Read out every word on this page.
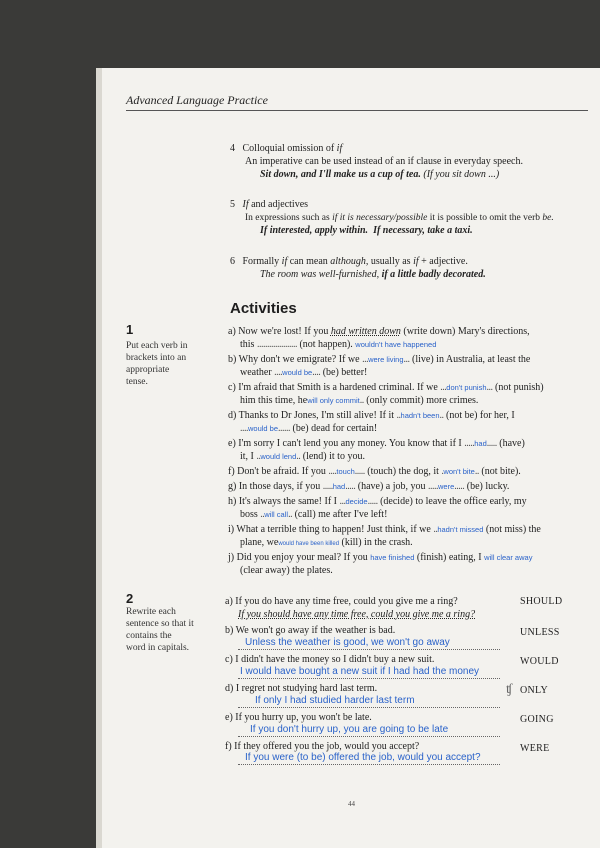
Advanced Language Practice
4 Colloquial omission of if
An imperative can be used instead of an if clause in everyday speech.
Sit down, and I'll make us a cup of tea. (If you sit down ...)
5 If and adjectives
In expressions such as if it is necessary/possible it is possible to omit the verb be.
If interested, apply within. If necessary, take a taxi.
6 Formally if can mean although, usually as if + adjective.
The room was well-furnished, if a little badly decorated.
Activities
1
Put each verb in
brackets into an
appropriate
tense.
a) Now we're lost! If you had written down (write down) Mary's directions,
this .................... (not happen). wouldn't have happened
b) Why don't we emigrate? If we ...were living... (live) in Australia, at least the
weather ....would be.... (be) better!
c) I'm afraid that Smith is a hardened criminal. If we ...don't punish... (not punish)
him this time, hewill only commit.. (only commit) more crimes.
d) Thanks to Dr Jones, I'm still alive! If it ..hadn't been.. (not be) for her, I
....would be...... (be) dead for certain!
e) I'm sorry I can't lend you any money. You know that if I .....had..... (have)
it, I ..would lend.. (lend) it to you.
f) Don't be afraid. If you ....touch..... (touch) the dog, it .won't bite.. (not bite).
g) In those days, if you .....had..... (have) a job, you .....were..... (be) lucky.
h) It's always the same! If I ...decide..... (decide) to leave the office early, my
boss ..will call.. (call) me after I've left!
i) What a terrible thing to happen! Just think, if we ..hadn't missed (not miss) the
plane, wewould have been killed (kill) in the crash.
j) Did you enjoy your meal? If you have finished (finish) eating, I will clear away
(clear away) the plates.
2
Rewrite each
sentence so that it
contains the
word in capitals.
a) If you do have any time free, could you give me a ring?
If you should have any time free, could you give me a ring?
SHOULD
b) We won't go away if the weather is bad.
Unless the weather is good, we won't go away
UNLESS
c) I didn't have the money so I didn't buy a new suit.
I would have bought a new suit if I had had the money
WOULD
d) I regret not studying hard last term.
If only I had studied harder last term
ʧ ONLY
e) If you hurry up, you won't be late.
If you don't hurry up, you are going to be late
GOING
f) If they offered you the job, would you accept?
If you were (to be) offered the job, would you accept?
WERE
44
